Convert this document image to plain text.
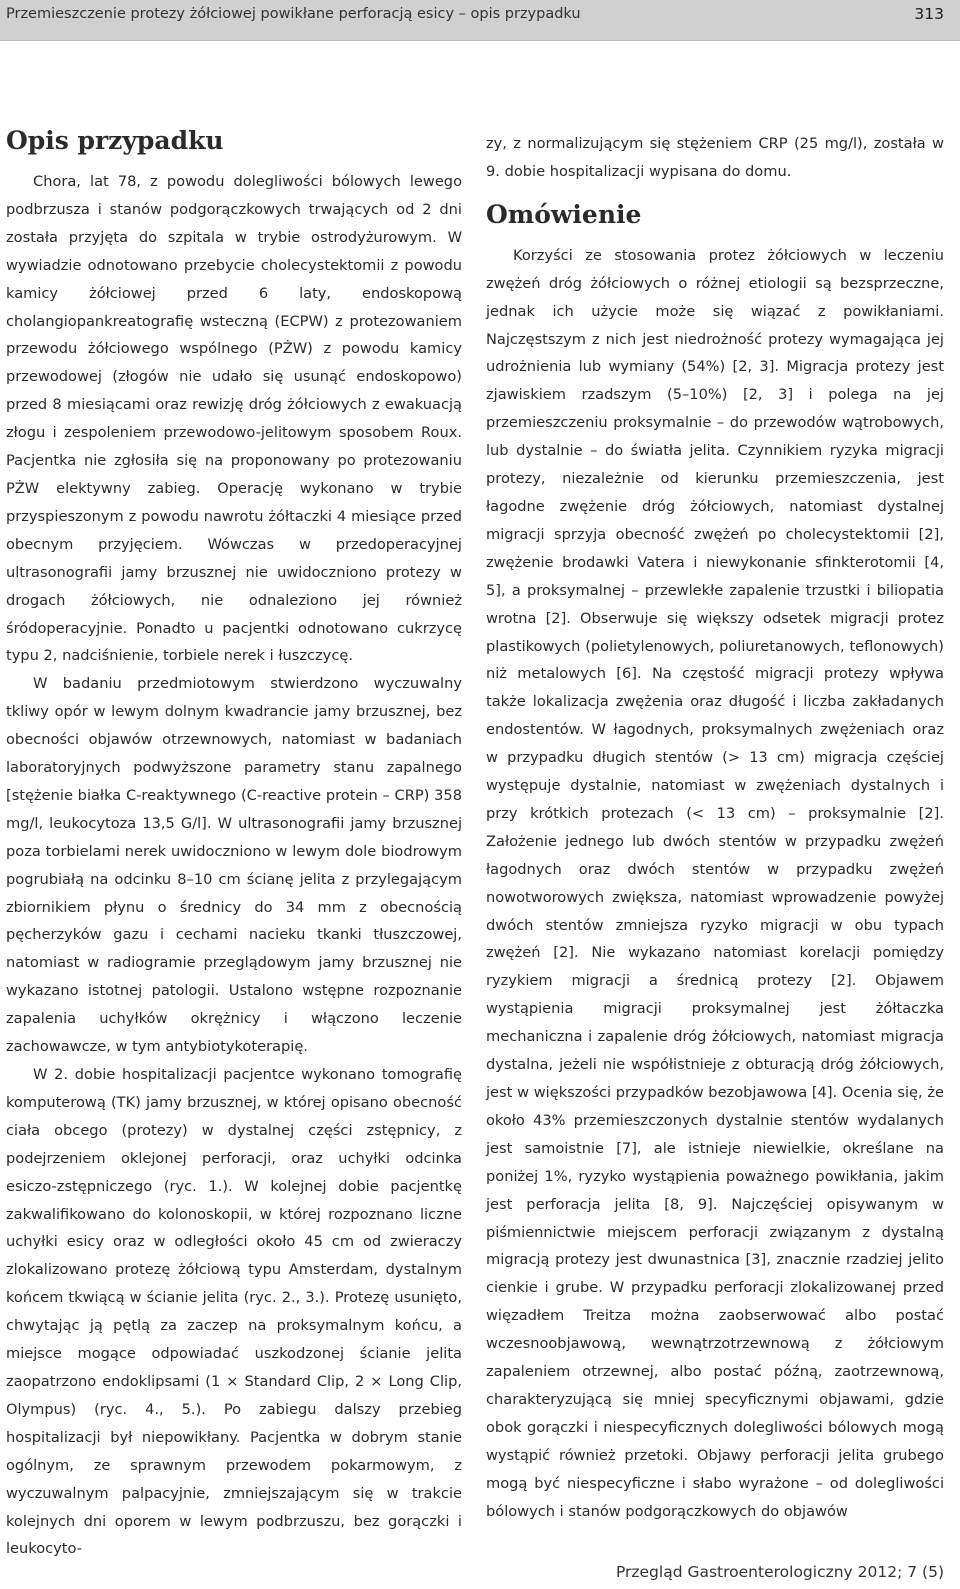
Przemieszczenie protezy żółciowej powikłane perforacją esicy – opis przypadku	313
Opis przypadku

Chora, lat 78, z powodu dolegliwości bólowych lewego podbrzusza i stanów podgorączkowych trwających od 2 dni została przyjęta do szpitala w trybie ostrodyżurowym. W wywiadzie odnotowano przebycie cholecystektomii z powodu kamicy żółciowej przed 6 laty, endoskopową cholangiopankreatografię wsteczną (ECPW) z protezowaniem przewodu żółciowego wspólnego (PŻW) z powodu kamicy przewodowej (złogów nie udało się usunąć endoskopowo) przed 8 miesiącami oraz rewizję dróg żółciowych z ewakuacją złogu i zespoleniem przewodowo-jelitowym sposobem Roux. Pacjentka nie zgłosiła się na proponowany po protezowaniu PŻW elektywny zabieg. Operację wykonano w trybie przyspieszonym z powodu nawrotu żółtaczki 4 miesiące przed obecnym przyjęciem. Wówczas w przedoperacyjnej ultrasonografii jamy brzusznej nie uwidoczniono protezy w drogach żółciowych, nie odnaleziono jej również śródoperacyjnie. Ponadto u pacjentki odnotowano cukrzycę typu 2, nadciśnienie, torbiele nerek i łuszczycę.

W badaniu przedmiotowym stwierdzono wyczuwalny tkliwy opór w lewym dolnym kwadrancie jamy brzusznej, bez obecności objawów otrzewnowych, natomiast w badaniach laboratoryjnych podwyższone parametry stanu zapalnego [stężenie białka C-reaktywnego (C-reactive protein – CRP) 358 mg/l, leukocytoza 13,5 G/l]. W ultrasonografii jamy brzusznej poza torbielami nerek uwidoczniono w lewym dole biodrowym pogrubiałą na odcinku 8–10 cm ścianę jelita z przylegającym zbiornikiem płynu o średnicy do 34 mm z obecnością pęcherzyków gazu i cechami nacieku tkanki tłuszczowej, natomiast w radiogramie przeglądowym jamy brzusznej nie wykazano istotnej patologii. Ustalono wstępne rozpoznanie zapalenia uchyłków okrężnicy i włączono leczenie zachowawcze, w tym antybiotykoterapię.

W 2. dobie hospitalizacji pacjentce wykonano tomografię komputerową (TK) jamy brzusznej, w której opisano obecność ciała obcego (protezy) w dystalnej części zstępnicy, z podejrzeniem oklejonej perforacji, oraz uchyłki odcinka esiczo-zstępniczego (ryc. 1.). W kolejnej dobie pacjentkę zakwalifikowano do kolonoskopii, w której rozpoznano liczne uchyłki esicy oraz w odległości około 45 cm od zwieraczy zlokalizowano protezę żółciową typu Amsterdam, dystalnym końcem tkwiącą w ścianie jelita (ryc. 2., 3.). Protezę usunięto, chwytając ją pętlą za zaczep na proksymalnym końcu, a miejsce mogące odpowiadać uszkodzonej ścianie jelita zaopatrzono endoklipsami (1 × Standard Clip, 2 × Long Clip, Olympus) (ryc. 4., 5.). Po zabiegu dalszy przebieg hospitalizacji był niepowikłany. Pacjentka w dobrym stanie ogólnym, ze sprawnym przewodem pokarmowym, z wyczuwalnym palpacyjnie, zmniejszającym się w trakcie kolejnych dni oporem w lewym podbrzuszu, bez gorączki i leukocyto-

zy, z normalizującym się stężeniem CRP (25 mg/l), została w 9. dobie hospitalizacji wypisana do domu.

Omówienie

Korzyści ze stosowania protez żółciowych w leczeniu zwężeń dróg żółciowych o różnej etiologii są bezsprzeczne, jednak ich użycie może się wiązać z powikłaniami. Najczęstszym z nich jest niedrożność protezy wymagająca jej udrożnienia lub wymiany (54%) [2, 3]. Migracja protezy jest zjawiskiem rzadszym (5–10%) [2, 3] i polega na jej przemieszczeniu proksymalnie – do przewodów wątrobowych, lub dystalnie – do światła jelita. Czynnikiem ryzyka migracji protezy, niezależnie od kierunku przemieszczenia, jest łagodne zwężenie dróg żółciowych, natomiast dystalnej migracji sprzyja obecność zwężeń po cholecystektomii [2], zwężenie brodawki Vatera i niewykonanie sfinkterotomii [4, 5], a proksymalnej – przewlekłe zapalenie trzustki i biliopatia wrotna [2]. Obserwuje się większy odsetek migracji protez plastikowych (polietylenowych, poliuretanowych, teflonowych) niż metalowych [6]. Na częstość migracji protezy wpływa także lokalizacja zwężenia oraz długość i liczba zakładanych endostentów. W łagodnych, proksymalnych zwężeniach oraz w przypadku długich stentów (> 13 cm) migracja częściej występuje dystalnie, natomiast w zwężeniach dystalnych i przy krótkich protezach (< 13 cm) – proksymalnie [2]. Założenie jednego lub dwóch stentów w przypadku zwężeń łagodnych oraz dwóch stentów w przypadku zwężeń nowotworowych zwiększa, natomiast wprowadzenie powyżej dwóch stentów zmniejsza ryzyko migracji w obu typach zwężeń [2]. Nie wykazano natomiast korelacji pomiędzy ryzykiem migracji a średnicą protezy [2]. Objawem wystąpienia migracji proksymalnej jest żółtaczka mechaniczna i zapalenie dróg żółciowych, natomiast migracja dystalna, jeżeli nie współistnieje z obturacją dróg żółciowych, jest w większości przypadków bezobjawowa [4]. Ocenia się, że około 43% przemieszczonych dystalnie stentów wydalanych jest samoistnie [7], ale istnieje niewielkie, określane na poniżej 1%, ryzyko wystąpienia poważnego powikłania, jakim jest perforacja jelita [8, 9]. Najczęściej opisywanym w piśmiennictwie miejscem perforacji związanym z dystalną migracją protezy jest dwunastnica [3], znacznie rzadziej jelito cienkie i grube. W przypadku perforacji zlokalizowanej przed więzadłem Treitza można zaobserwować albo postać wczesnoobjawową, wewnątrzotrzewnową z żółciowym zapaleniem otrzewnej, albo postać późną, zaotrzewnową, charakteryzującą się mniej specyficznymi objawami, gdzie obok gorączki i niespecyficznych dolegliwości bólowych mogą wystąpić również przetoki. Objawy perforacji jelita grubego mogą być niespecyficzne i słabo wyrażone – od dolegliwości bólowych i stanów podgorączkowych do objawów

Przegląd Gastroenterologiczny 2012; 7 (5)
